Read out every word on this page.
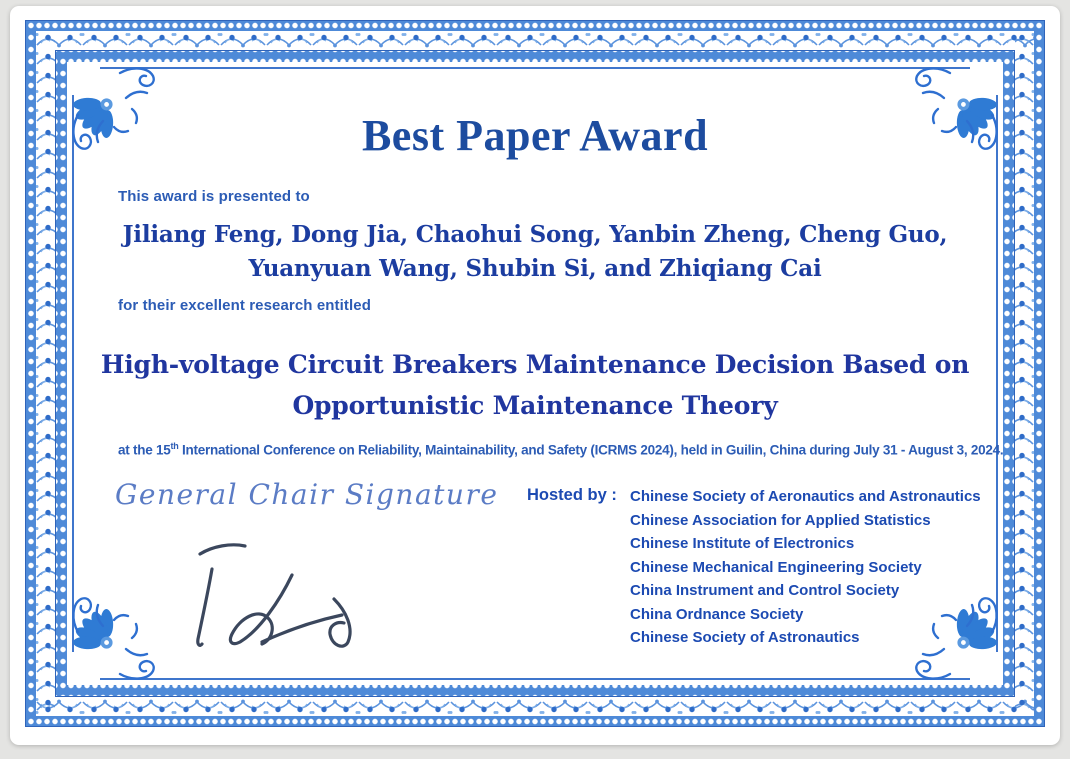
Best Paper Award
This award is presented to
Jiliang Feng, Dong Jia, Chaohui Song, Yanbin Zheng, Cheng Guo,
Yuanyuan Wang, Shubin Si, and Zhiqiang Cai
for their excellent research entitled
High-voltage Circuit Breakers Maintenance Decision Based on
Opportunistic Maintenance Theory
at the 15th International Conference on Reliability, Maintainability, and Safety (ICRMS 2024), held in Guilin, China during July 31 - August 3, 2024.
General Chair Signature Hosted by : Chinese Society of Aeronautics and Astronautics
Chinese Association for Applied Statistics
Chinese Institute of Electronics
Chinese Mechanical Engineering Society
China Instrument and Control Society
China Ordnance Society
Chinese Society of Astronautics
